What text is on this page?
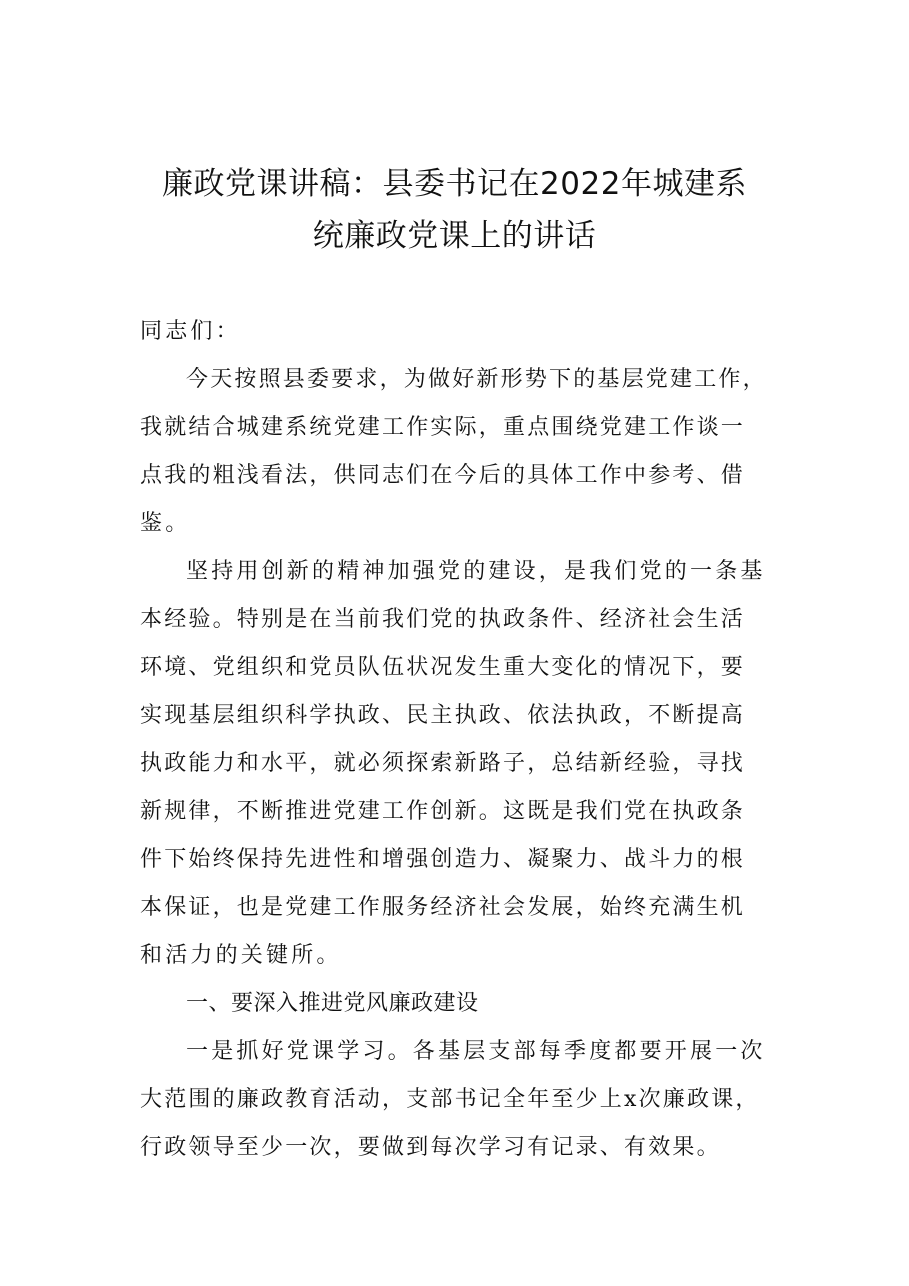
廉政党课讲稿：县委书记在2022年城建系
统廉政党课上的讲话
同志们：
今天按照县委要求，为做好新形势下的基层党建工作，
我就结合城建系统党建工作实际，重点围绕党建工作谈一
点我的粗浅看法，供同志们在今后的具体工作中参考、借
鉴。
坚持用创新的精神加强党的建设，是我们党的一条基
本经验。特别是在当前我们党的执政条件、经济社会生活
环境、党组织和党员队伍状况发生重大变化的情况下，要
实现基层组织科学执政、民主执政、依法执政，不断提高
执政能力和水平，就必须探索新路子，总结新经验，寻找
新规律，不断推进党建工作创新。这既是我们党在执政条
件下始终保持先进性和增强创造力、凝聚力、战斗力的根
本保证，也是党建工作服务经济社会发展，始终充满生机
和活力的关键所。
一、要深入推进党风廉政建设
一是抓好党课学习。各基层支部每季度都要开展一次
大范围的廉政教育活动，支部书记全年至少上x次廉政课，
行政领导至少一次，要做到每次学习有记录、有效果。
